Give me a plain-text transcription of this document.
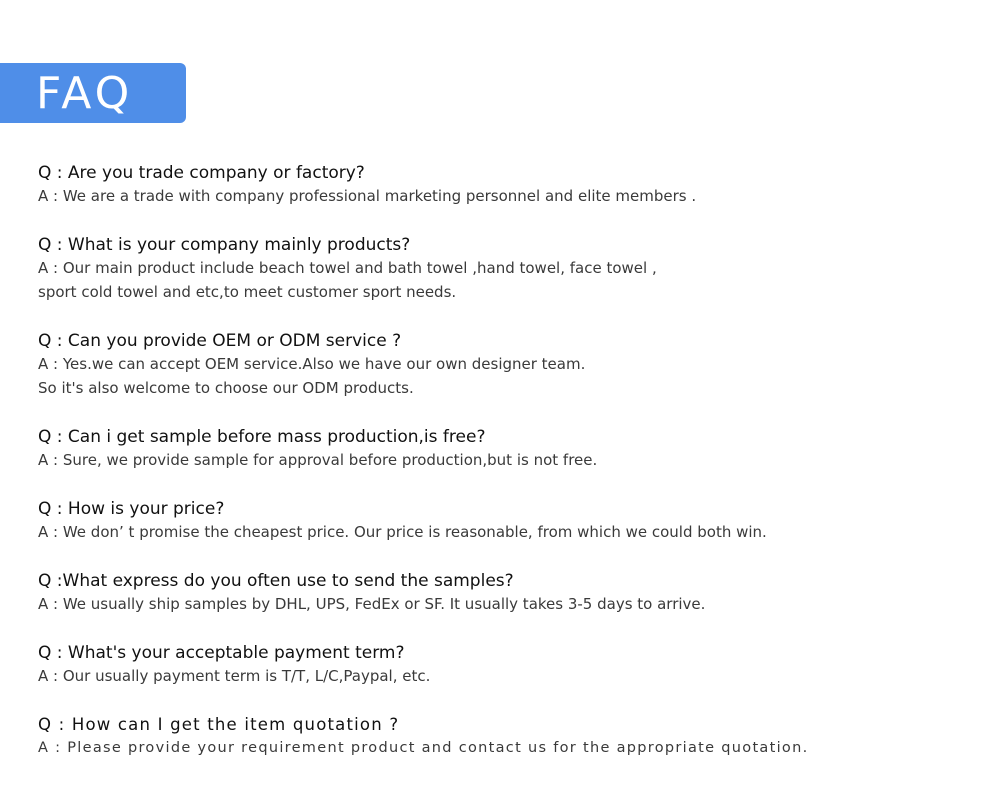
FAQ
Q : Are you trade company or factory?
A : We are a trade with company professional marketing personnel and elite members .
Q : What is your company mainly products?
A : Our main product include beach towel and bath towel ,hand towel, face towel ,
sport cold towel and etc,to meet customer sport needs.
Q : Can you provide OEM or ODM service ?
A : Yes.we can accept OEM service.Also we have our own designer team.
So it's also welcome to choose our ODM products.
Q : Can i get sample before mass production,is free?
A : Sure, we provide sample for approval before production,but is not free.
Q : How is your price?
A : We don’ t promise the cheapest price. Our price is reasonable, from which we could both win.
Q :What express do you often use to send the samples?
A : We usually ship samples by DHL, UPS, FedEx or SF. It usually takes 3-5 days to arrive.
Q : What's your acceptable payment term?
A : Our usually payment term is T/T, L/C,Paypal, etc.
Q : How can I get the item quotation ?
A : Please provide your requirement product and contact us for the appropriate quotation.
